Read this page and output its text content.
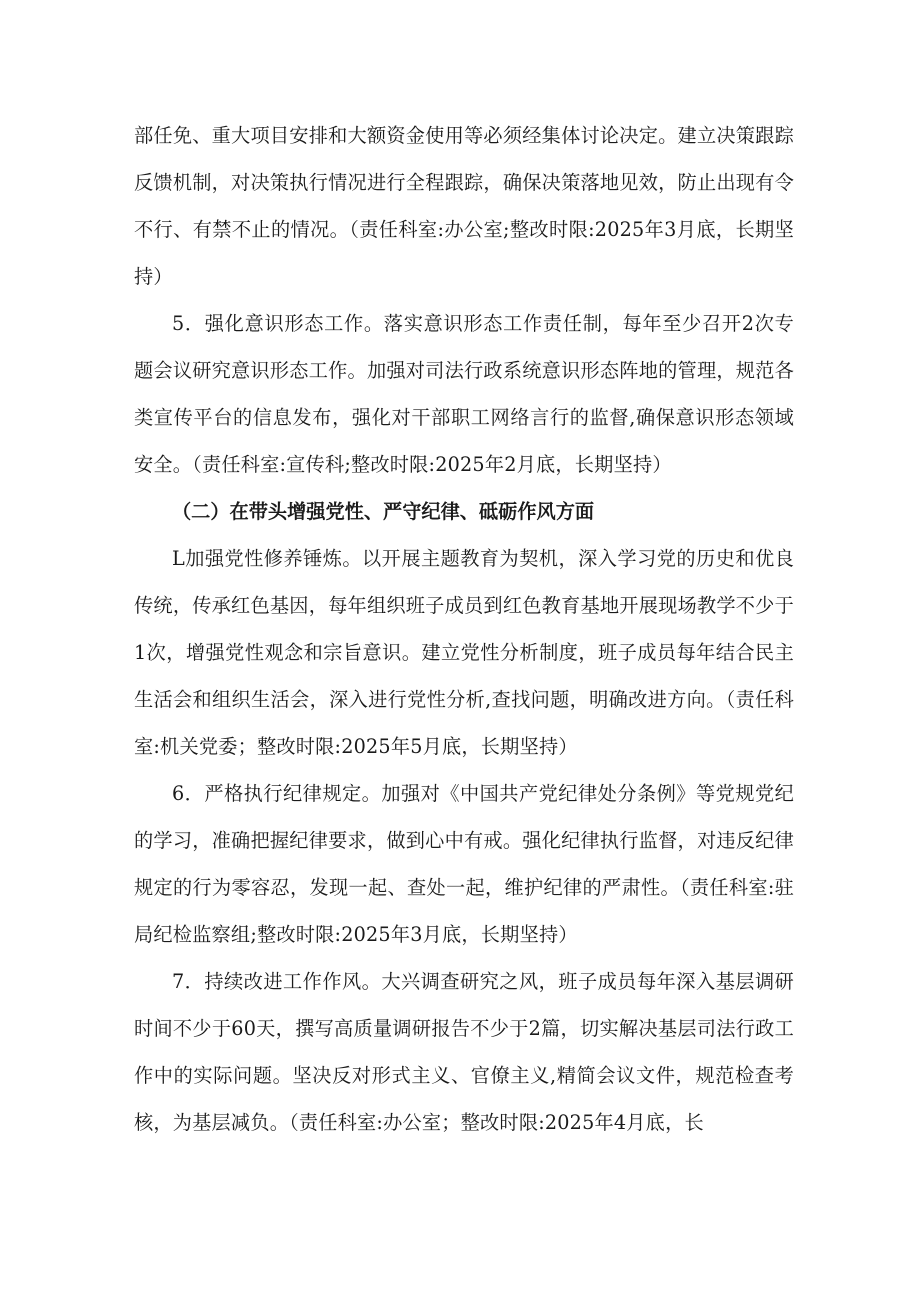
部任免、重大项目安排和大额资金使用等必须经集体讨论决定。建立决策跟踪反馈机制，对决策执行情况进行全程跟踪，确保决策落地见效，防止出现有令不行、有禁不止的情况。（责任科室:办公室;整改时限:2025年3月底，长期坚持）

5．强化意识形态工作。落实意识形态工作责任制，每年至少召开2次专题会议研究意识形态工作。加强对司法行政系统意识形态阵地的管理，规范各类宣传平台的信息发布，强化对干部职工网络言行的监督,确保意识形态领域安全。（责任科室:宣传科;整改时限:2025年2月底，长期坚持）

（二）在带头增强党性、严守纪律、砥砺作风方面

L加强党性修养锤炼。以开展主题教育为契机，深入学习党的历史和优良传统，传承红色基因，每年组织班子成员到红色教育基地开展现场教学不少于1次，增强党性观念和宗旨意识。建立党性分析制度，班子成员每年结合民主生活会和组织生活会，深入进行党性分析,查找问题，明确改进方向。（责任科室:机关党委；整改时限:2025年5月底，长期坚持）

6．严格执行纪律规定。加强对《中国共产党纪律处分条例》等党规党纪的学习，准确把握纪律要求，做到心中有戒。强化纪律执行监督，对违反纪律规定的行为零容忍，发现一起、查处一起，维护纪律的严肃性。（责任科室:驻局纪检监察组;整改时限:2025年3月底，长期坚持）

7．持续改进工作作风。大兴调查研究之风，班子成员每年深入基层调研时间不少于60天，撰写高质量调研报告不少于2篇，切实解决基层司法行政工作中的实际问题。坚决反对形式主义、官僚主义,精简会议文件，规范检查考核，为基层减负。（责任科室:办公室；整改时限:2025年4月底，长
